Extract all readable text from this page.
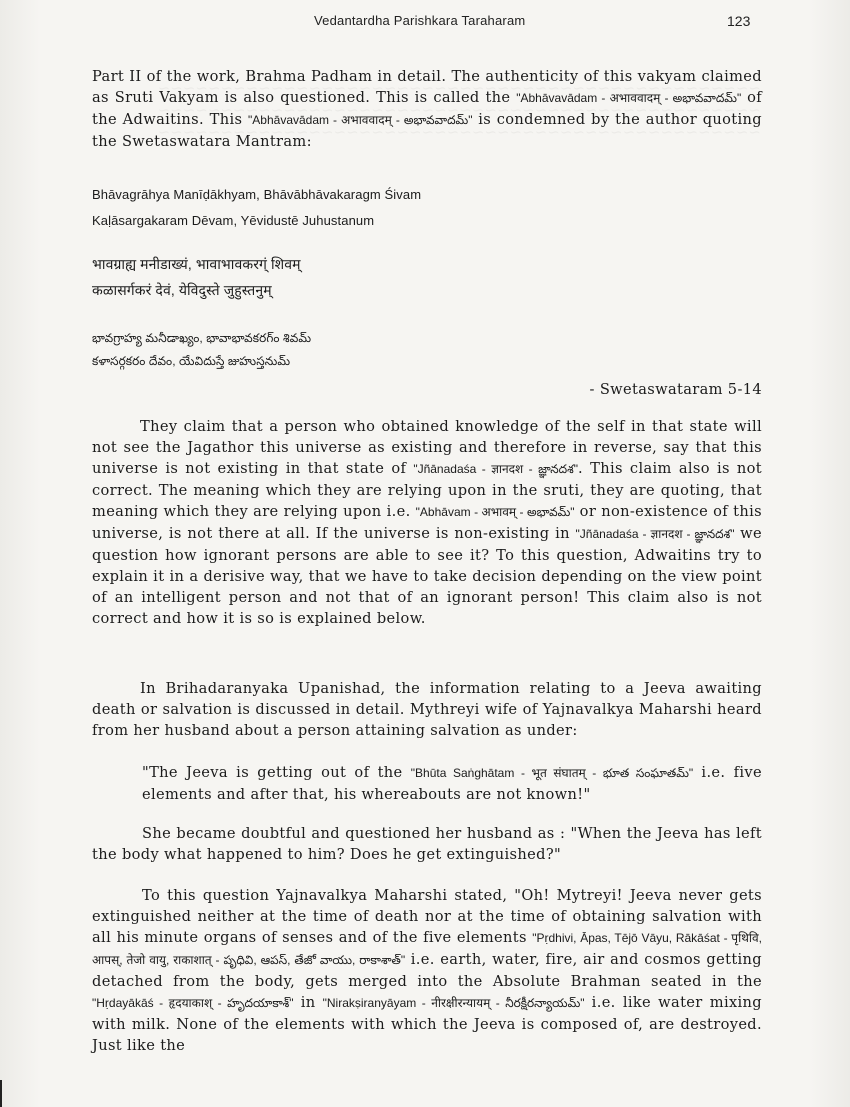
Vedantardha Parishkara Taraharam	123

Part II of the work, Brahma Padham in detail. The authenticity of this vakyam claimed as Sruti Vakyam is also questioned. This is called the "Abhāvavādam - अभाववादम् - అభావవాదమ్" of the Adwaitins. This "Abhāvavādam - अभाववादम् - అభావవాదమ్" is condemned by the author quoting the Swetaswatara Mantram:

Bhāvagrāhya Manīḍākhyam, Bhāvābhāvakaragm Śivam
Kaḷāsargakaram Dēvam, Yēvidustē Juhustanum
भावग्राह्य मनीडाख्यं, भावाभावकरग्ं शिवम्
कळासर्गकरं देवं, येविदुस्ते जुहुस्तनुम्
భావగ్రాహ్య మనీడాఖ్యం, భావాభావకరగ్ం శివమ్
కళాసర్గకరం దేవం, యేవిదుస్తే జుహుస్తనుమ్
- Swetaswataram 5-14

They claim that a person who obtained knowledge of the self in that state will not see the Jagathor this universe as existing and therefore in reverse, say that this universe is not existing in that state of "Jñānadaśa - ज्ञानदश - జ్ఞానదశ". This claim also is not correct. The meaning which they are relying upon in the sruti, they are quoting, that meaning which they are relying upon i.e. "Abhāvam - अभावम् - అభావమ్" or non-existence of this universe, is not there at all. If the universe is non-existing in "Jñānadaśa - ज्ञानदश - జ్ఞానదశ" we question how ignorant persons are able to see it? To this question, Adwaitins try to explain it in a derisive way, that we have to take decision depending on the view point of an intelligent person and not that of an ignorant person! This claim also is not correct and how it is so is explained below.

In Brihadaranyaka Upanishad, the information relating to a Jeeva awaiting death or salvation is discussed in detail. Mythreyi wife of Yajnavalkya Maharshi heard from her husband about a person attaining salvation as under:

"The Jeeva is getting out of the "Bhūta Saṅghātam - भूत संघातम् - భూత సంఘాతమ్" i.e. five elements and after that, his whereabouts are not known!"

She became doubtful and questioned her husband as : "When the Jeeva has left the body what happened to him? Does he get extinguished?"

To this question Yajnavalkya Maharshi stated, "Oh! Mytreyi! Jeeva never gets extinguished neither at the time of death nor at the time of obtaining salvation with all his minute organs of senses and of the five elements "Pṛdhivi, Āpas, Tējō Vāyu, Rākāśat - पृथिवि, आपस्, तेजो वायु, राकाशात् - పృధివి, ఆపస్, తేజో వాయు, రాకాశాత్" i.e. earth, water, fire, air and cosmos getting detached from the body, gets merged into the Absolute Brahman seated in the "Hṛdayākāś - हृदयाकाश् - హృదయాకాశ్" in "Nirakṣiranyāyam - नीरक्षीरन्यायम् - నీరక్షీరన్యాయమ్" i.e. like water mixing with milk. None of the elements with which the Jeeva is composed of, are destroyed. Just like the
